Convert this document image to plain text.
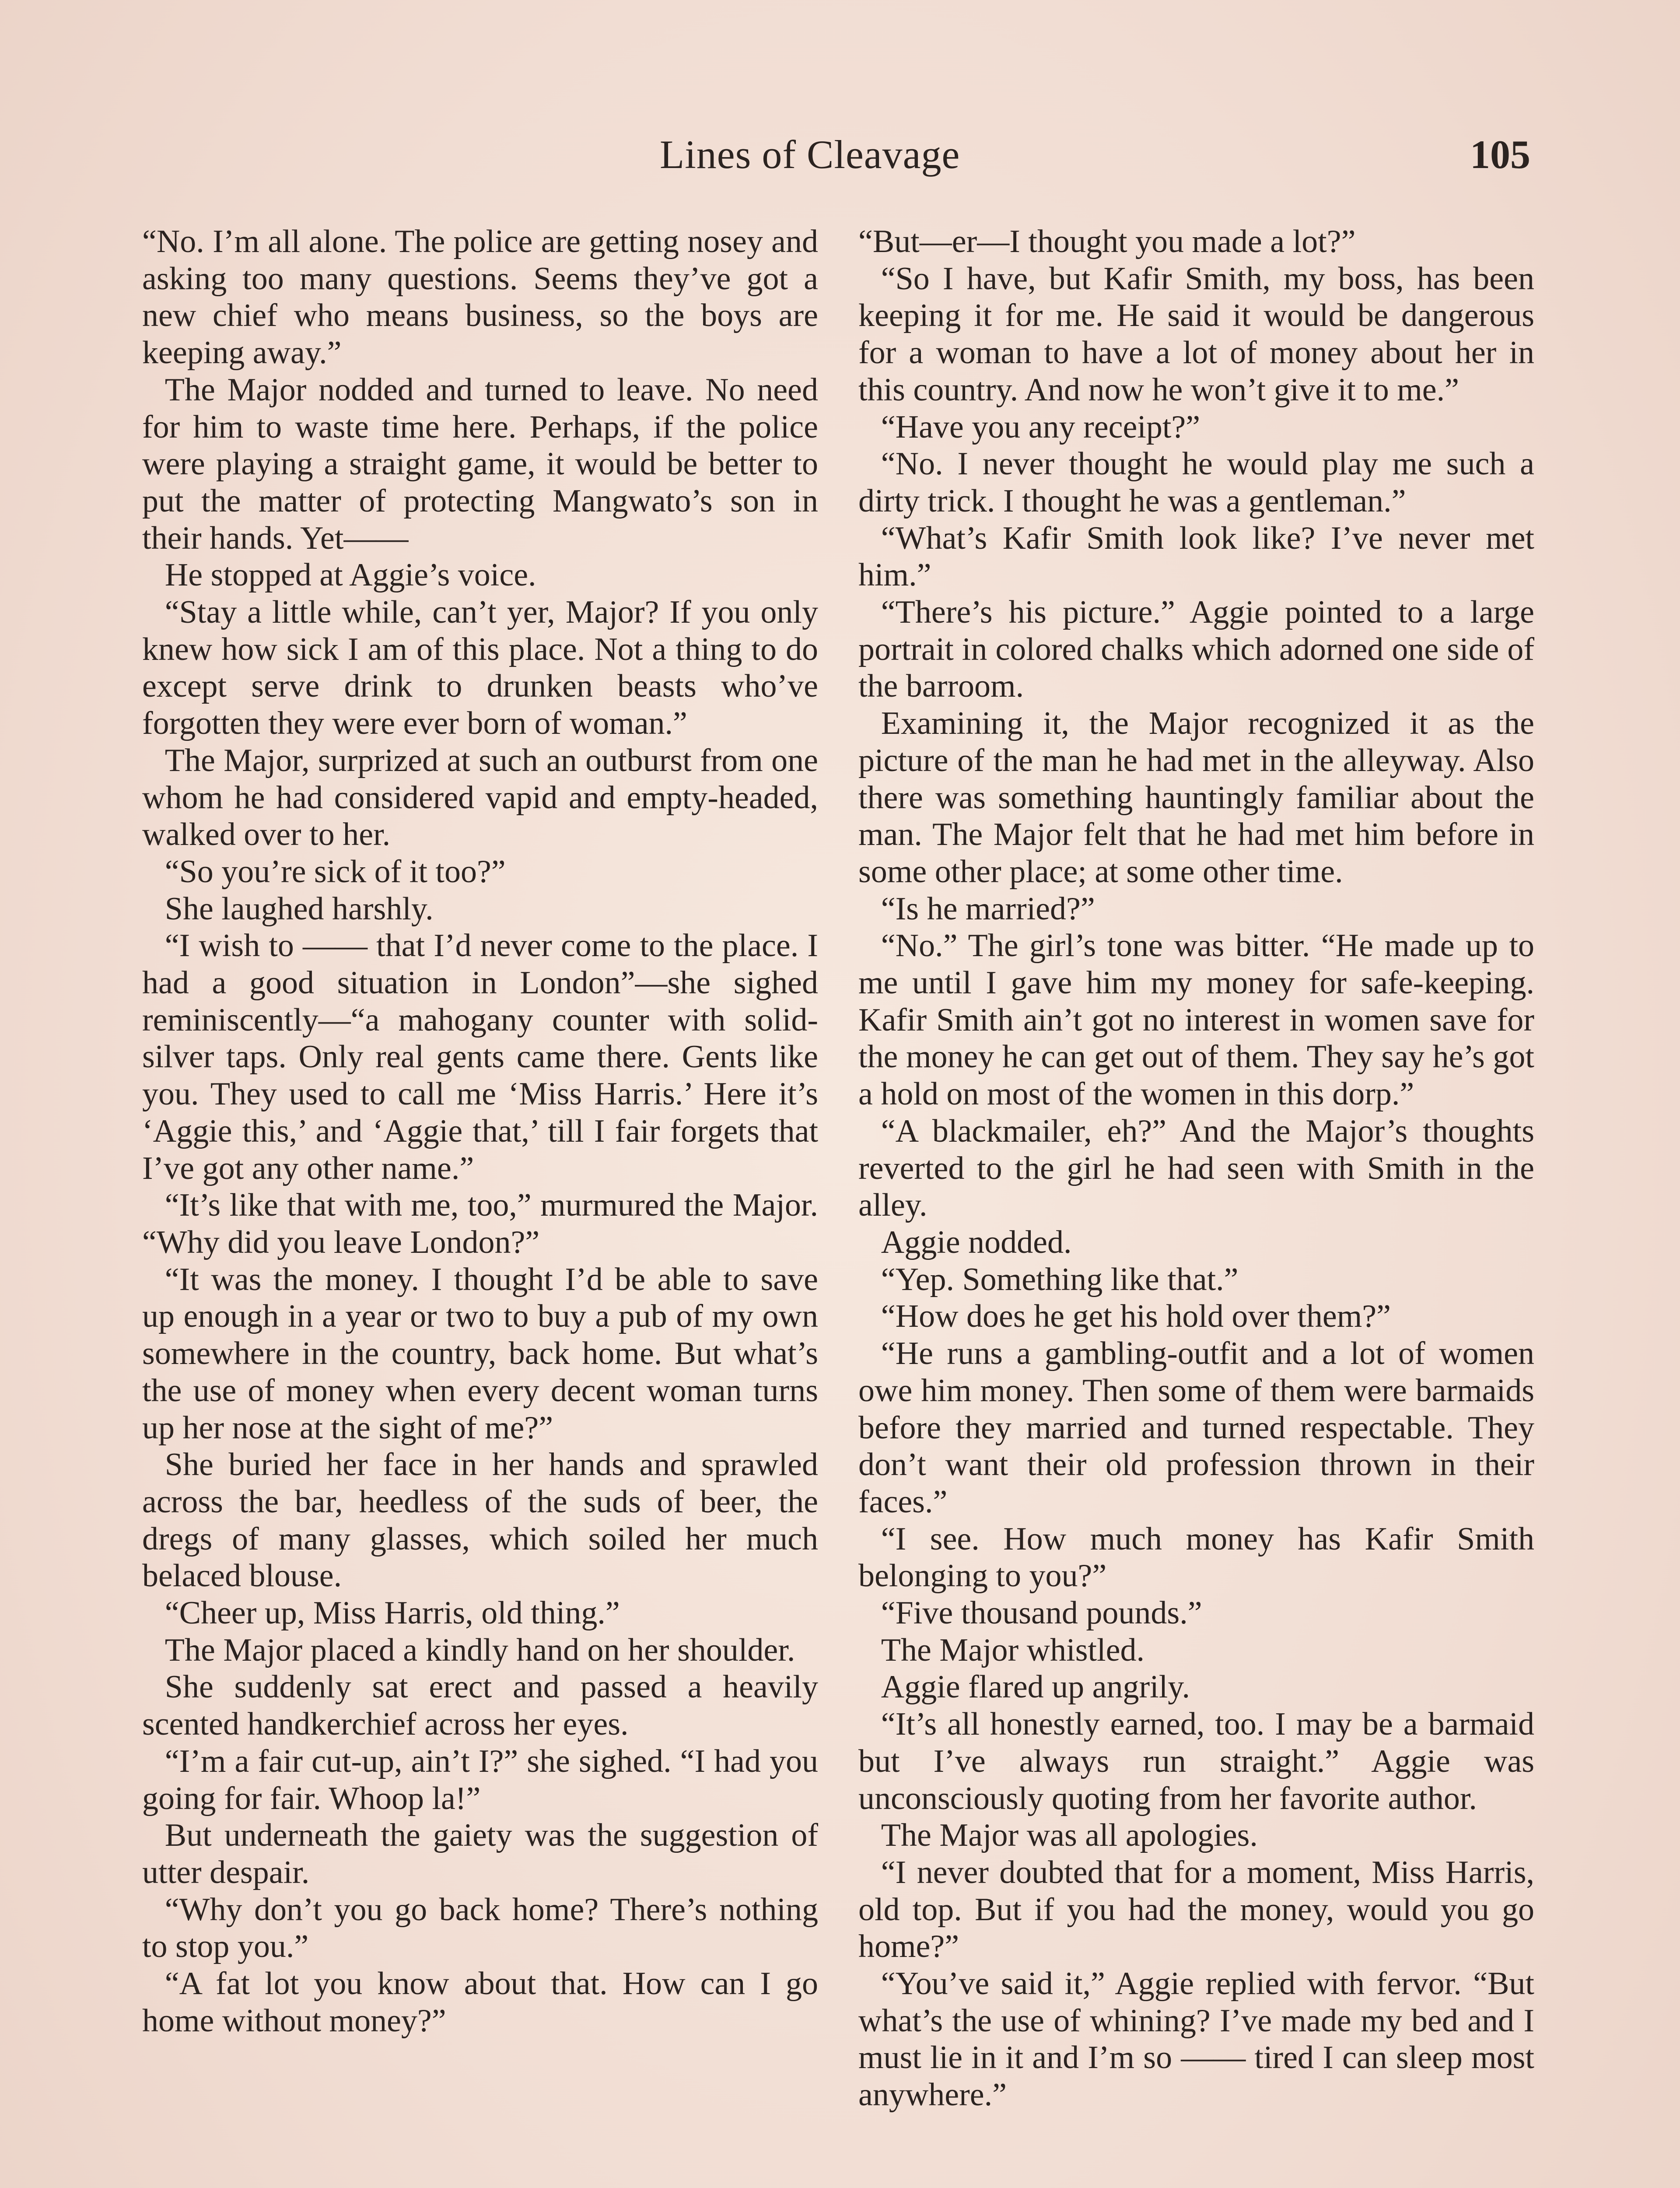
Lines of Cleavage	105

“No. I’m all alone. The police are getting nosey and asking too many questions. Seems they’ve got a new chief who means business, so the boys are keeping away.”

The Major nodded and turned to leave. No need for him to waste time here. Perhaps, if the police were playing a straight game, it would be better to put the matter of protecting Mangwato’s son in their hands. Yet——

He stopped at Aggie’s voice.

“Stay a little while, can’t yer, Major? If you only knew how sick I am of this place. Not a thing to do except serve drink to drunken beasts who’ve forgotten they were ever born of woman.”

The Major, surprized at such an outburst from one whom he had considered vapid and empty-headed, walked over to her.

“So you’re sick of it too?”

She laughed harshly.

“I wish to —— that I’d never come to the place. I had a good situation in London”—she sighed reminiscently—“a mahogany counter with solid-silver taps. Only real gents came there. Gents like you. They used to call me ‘Miss Harris.’ Here it’s ‘Aggie this,’ and ‘Aggie that,’ till I fair forgets that I’ve got any other name.”

“It’s like that with me, too,” murmured the Major. “Why did you leave London?”

“It was the money. I thought I’d be able to save up enough in a year or two to buy a pub of my own somewhere in the country, back home. But what’s the use of money when every decent woman turns up her nose at the sight of me?”

She buried her face in her hands and sprawled across the bar, heedless of the suds of beer, the dregs of many glasses, which soiled her much belaced blouse.

“Cheer up, Miss Harris, old thing.”

The Major placed a kindly hand on her shoulder.

She suddenly sat erect and passed a heavily scented handkerchief across her eyes.

“I’m a fair cut-up, ain’t I?” she sighed. “I had you going for fair. Whoop la!”

But underneath the gaiety was the suggestion of utter despair.

“Why don’t you go back home? There’s nothing to stop you.”

“A fat lot you know about that. How can I go home without money?”

“But—er—I thought you made a lot?”

“So I have, but Kafir Smith, my boss, has been keeping it for me. He said it would be dangerous for a woman to have a lot of money about her in this country. And now he won’t give it to me.”

“Have you any receipt?”

“No. I never thought he would play me such a dirty trick. I thought he was a gentleman.”

“What’s Kafir Smith look like? I’ve never met him.”

“There’s his picture.” Aggie pointed to a large portrait in colored chalks which adorned one side of the barroom.

Examining it, the Major recognized it as the picture of the man he had met in the alleyway. Also there was something hauntingly familiar about the man. The Major felt that he had met him before in some other place; at some other time.

“Is he married?”

“No.” The girl’s tone was bitter. “He made up to me until I gave him my money for safe-keeping. Kafir Smith ain’t got no interest in women save for the money he can get out of them. They say he’s got a hold on most of the women in this dorp.”

“A blackmailer, eh?” And the Major’s thoughts reverted to the girl he had seen with Smith in the alley.

Aggie nodded.

“Yep. Something like that.”

“How does he get his hold over them?”

“He runs a gambling-outfit and a lot of women owe him money. Then some of them were barmaids before they married and turned respectable. They don’t want their old profession thrown in their faces.”

“I see. How much money has Kafir Smith belonging to you?”

“Five thousand pounds.”

The Major whistled.

Aggie flared up angrily.

“It’s all honestly earned, too. I may be a barmaid but I’ve always run straight.” Aggie was unconsciously quoting from her favorite author.

The Major was all apologies.

“I never doubted that for a moment, Miss Harris, old top. But if you had the money, would you go home?”

“You’ve said it,” Aggie replied with fervor. “But what’s the use of whining? I’ve made my bed and I must lie in it and I’m so —— tired I can sleep most anywhere.”
